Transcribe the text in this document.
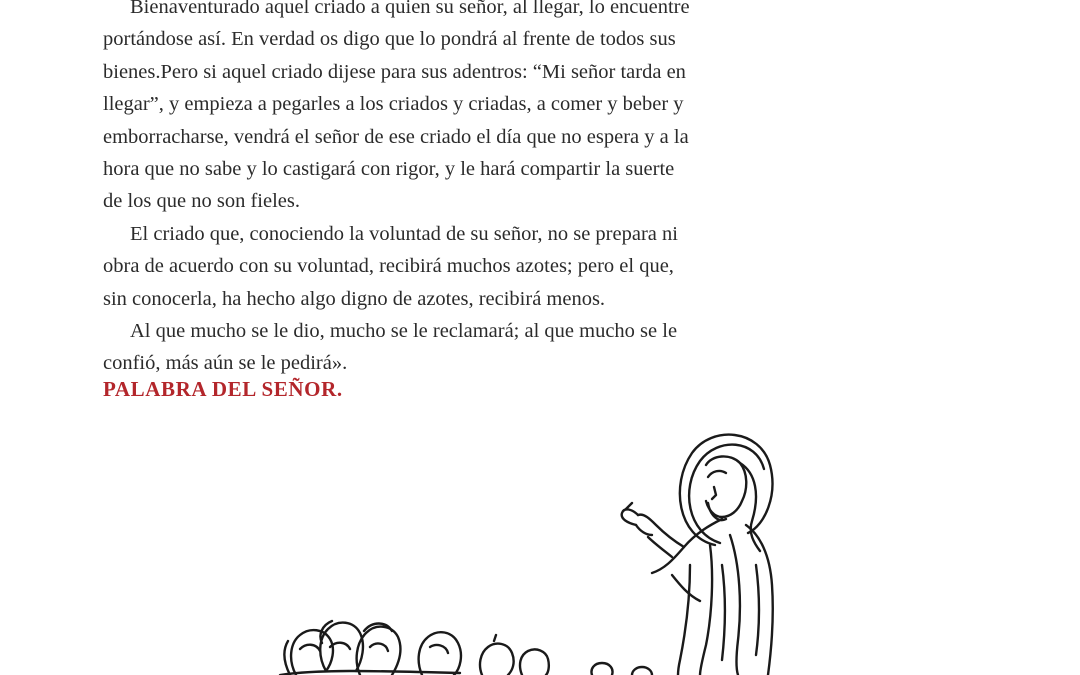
Bienaventurado aquel criado a quien su señor, al llegar, lo encuentre
portándose así. En verdad os digo que lo pondrá al frente de todos sus
bienes.Pero si aquel criado dijese para sus adentros: “Mi señor tarda en
llegar”, y empieza a pegarles a los criados y criadas, a comer y beber y
emborracharse, vendrá el señor de ese criado el día que no espera y a la
hora que no sabe y lo castigará con rigor, y le hará compartir la suerte
de los que no son fieles.
El criado que, conociendo la voluntad de su señor, no se prepara ni
obra de acuerdo con su voluntad, recibirá muchos azotes; pero el que,
sin conocerla, ha hecho algo digno de azotes, recibirá menos.
Al que mucho se le dio, mucho se le reclamará; al que mucho se le
confió, más aún se le pedirá».
PALABRA DEL SEÑOR.
